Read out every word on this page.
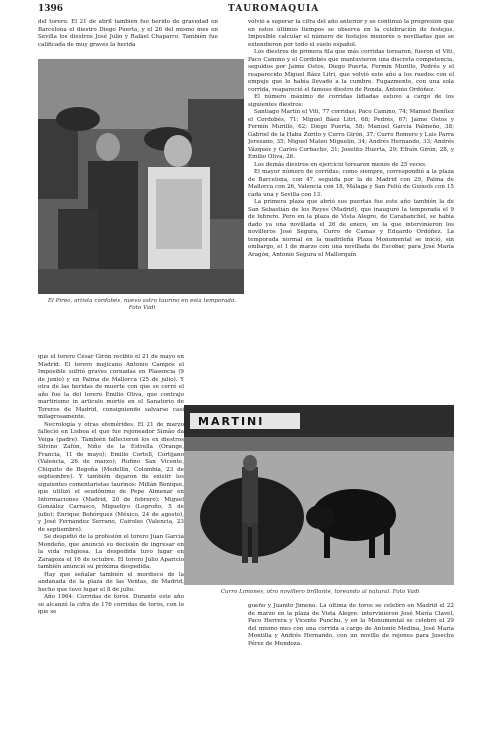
1396	TAUROMAQUIA

del torero. El 21 de abril también fue herido de gravedad en Barcelona el diestro Diego Puerta, y el 26 del mismo mes en Sevilla los diestros José Julio y Rafael Chaparro. También fue calificada de muy graves la herida

El Pireo, artista cordobés, nuevo astro taurino en esta temporada. Foto Vadi

que el torero César Girón recibió el 21 de mayo en Madrid. El torero mejicano Antonio Campos el Imposible sufrió graves cornadas en Plasencia (9 de junio) y en Palma de Mallorca (25 de julio). Y otra de las heridas de muerte con que se cerró el año fue la del torero Emilio Oliva, que contrajo martirismo in articulo mortis en el Sanatorio de Toreros de Madrid, consiguiendo salvarse casi milagrosamente.

Necrología y otras efemérides. El 21 de marzo falleció en Lisboa el que fue rejoneador Simão da Veiga (padre). También fallecieron los ex diestros Silvino Zafón, Niño de la Estrella (Orange, Francia, 11 de mayo); Emilio Cortell, Cortijano (Valencia, 26 de marzo); Rufino San Vicente, Chiquito de Begoña (Medellín, Colombia, 23 de septiembre). Y también dejaron de existir los siguientes comentaristas taurinos: Millán Bonique, que utilizó el seudónimo de Pepe Almenar en Informaciones (Madrid, 20 de febrero); Miguel González Carrasco, Migueliyo (Logroño, 5 de julio); Enrique Bohórquez (México, 24 de agosto), y José Fernández Serrano, Cairoles (Valencia, 23 de septiembre).

Se despidió de la profesión el torero Juan García Mondeño, que anunció su decisión de ingresar en la vida religiosa. La despedida tuvo lugar en Zaragoza el 16 de octubre. El torero Julio Aparicio también anunció su próxima despedida.

Hay que señalar también el mordisco de la andanada de la plaza de las Ventas, de Madrid, hecho que tuvo lugar el 8 de julio.

Año 1964: Corridas de toros. Durante este año se alcanzó la cifra de 176 corridas de toros, con lo que se

volvió a superar la cifra del año anterior y se continuó la progresión que en estos últimos tiempos se observa en la celebración de festejos. Imposible calcular el número de festejos menores o novilladas que se extendieron por todo el suelo español.

Los diestros de primera fila que más corridas torearon, fueron el Viti, Paco Camino y el Cordobés que mantuvieron una discreta competencia, seguidos por Jaime Ostos, Diego Puerta, Fermín Murillo, Pedrés y el reaparecido Miguel Báez Litri, que volvió este año a los ruedos con el empuje que le había llevado a la cumbre. Fugazmente, con una sola corrida, reapareció el famoso diestro de Ronda, Antonio Ordóñez.

El número máximo de corridas lidiadas estuvo a cargo de los siguientes diestros:

Santiago Martín el Viti, 77 corridas; Paco Camino, 74; Manuel Benítez el Cordobés, 71; Miguel Báez Litri, 68; Pedrés, 67; Jaime Ostos y Fermín Murillo, 62; Diego Puerta, 58; Manuel García Palmeño, 38; Gabriel de la Haba Zurito y Curro Girón, 37; Curro Romero y Luis Parra Jerezano, 35; Miguel Mateo Miguelín, 34; Andrés Hernando, 33; Andrés Vázquez y Carlos Corbacho, 31; Joselito Huerta, 29; Efraín Girón, 28, y Emilio Oliva, 26.

Los demás diestros en ejercicio torearon menos de 25 veces.

El mayor número de corridas, como siempre, correspondió a la plaza de Barcelona, con 47, seguida por la de Madrid con 29, Palma de Mallorca con 26, Valencia con 18, Málaga y San Feliú de Guíxols con 15 cada una y Sevilla con 13.

La primera plaza que abrió sus puertas fue este año también la de San Sebastián de los Reyes (Madrid), que inauguró la temporada el 9 de febrero. Pero en la plaza de Vista Alegre, de Carabanchel, se había dado ya una novillada el 26 de enero, en la que intervinieron los novilleros José Segura, Curro de Camas y Eduardo Ordóñez. La temporada normal en la madrileña Plaza Monumental se inició, sin embargo, el 1 de marzo con una novillada de Escobar, para José María Aragón, Antonio Segura el Mallorquín

MARTINI
Curro Limones, otro novillero brillante, toreando al natural. Foto Vadi

gueño y Juanito Jimeno. La última de toros se celebró en Madrid el 22 de marzo en la plaza de Vista Alegre: intervinieron José María Clavel, Paco Herrera y Vicente Punchu, y en la Monumental se celebró el 29 del mismo mes con una corrida a cargo de Antonio Medina, José María Montilla y Andrés Hernando, con un novillo de rejones para Josechu Pérez de Mendoza.
